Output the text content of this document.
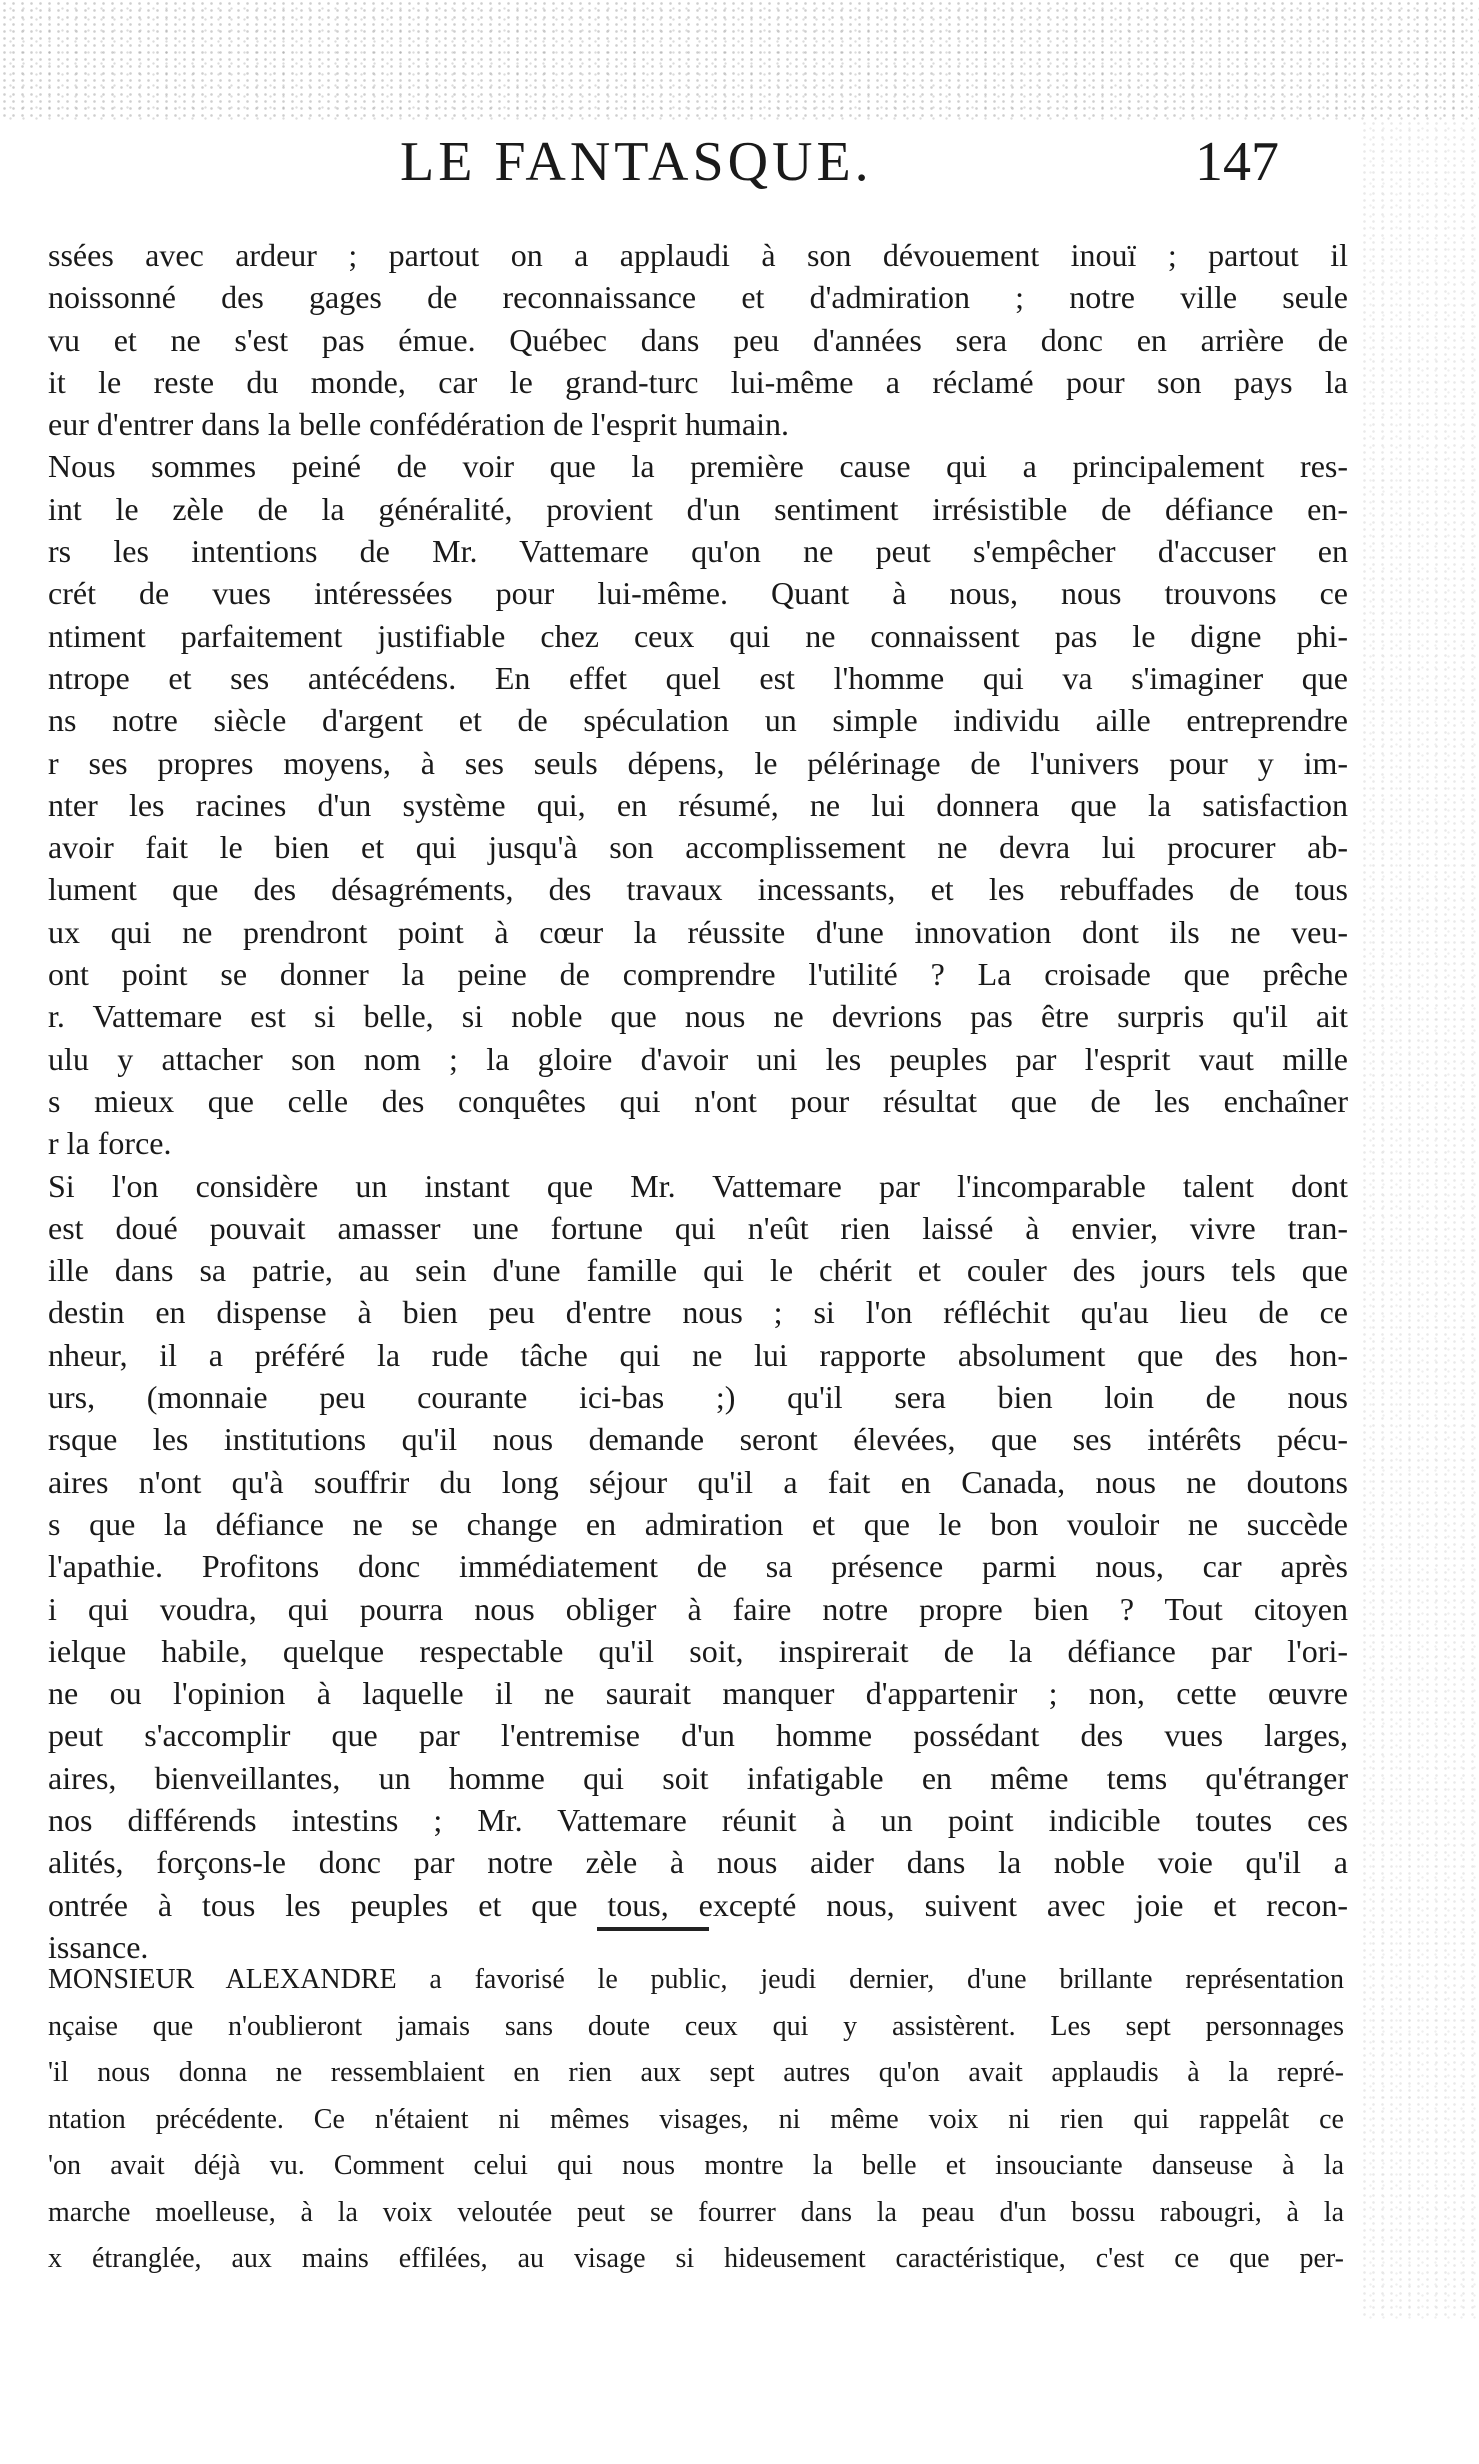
LE FANTASQUE.	147
ssées avec ardeur ; partout on a applaudi à son dévouement inouï ; partout il
noissonné des gages de reconnaissance et d'admiration ; notre ville seule
vu et ne s'est pas émue. Québec dans peu d'années sera donc en arrière de
it le reste du monde, car le grand-turc lui-même a réclamé pour son pays la
eur d'entrer dans la belle confédération de l'esprit humain.
Nous sommes peiné de voir que la première cause qui a principalement res-
int le zèle de la généralité, provient d'un sentiment irrésistible de défiance en-
rs les intentions de Mr. Vattemare qu'on ne peut s'empêcher d'accuser en
crét de vues intéressées pour lui-même. Quant à nous, nous trouvons ce
ntiment parfaitement justifiable chez ceux qui ne connaissent pas le digne phi-
ntrope et ses antécédens. En effet quel est l'homme qui va s'imaginer que
ns notre siècle d'argent et de spéculation un simple individu aille entreprendre
r ses propres moyens, à ses seuls dépens, le pélérinage de l'univers pour y im-
nter les racines d'un système qui, en résumé, ne lui donnera que la satisfaction
avoir fait le bien et qui jusqu'à son accomplissement ne devra lui procurer ab-
lument que des désagréments, des travaux incessants, et les rebuffades de tous
ux qui ne prendront point à cœur la réussite d'une innovation dont ils ne veu-
ont point se donner la peine de comprendre l'utilité ? La croisade que prêche
r. Vattemare est si belle, si noble que nous ne devrions pas être surpris qu'il ait
ulu y attacher son nom ; la gloire d'avoir uni les peuples par l'esprit vaut mille
s mieux que celle des conquêtes qui n'ont pour résultat que de les enchaîner
r la force.
Si l'on considère un instant que Mr. Vattemare par l'incomparable talent dont
est doué pouvait amasser une fortune qui n'eût rien laissé à envier, vivre tran-
ille dans sa patrie, au sein d'une famille qui le chérit et couler des jours tels que
destin en dispense à bien peu d'entre nous ; si l'on réfléchit qu'au lieu de ce
nheur, il a préféré la rude tâche qui ne lui rapporte absolument que des hon-
urs, (monnaie peu courante ici-bas ;) qu'il sera bien loin de nous
rsque les institutions qu'il nous demande seront élevées, que ses intérêts pécu-
aires n'ont qu'à souffrir du long séjour qu'il a fait en Canada, nous ne doutons
s que la défiance ne se change en admiration et que le bon vouloir ne succède
l'apathie. Profitons donc immédiatement de sa présence parmi nous, car après
i qui voudra, qui pourra nous obliger à faire notre propre bien ? Tout citoyen
ielque habile, quelque respectable qu'il soit, inspirerait de la défiance par l'ori-
ne ou l'opinion à laquelle il ne saurait manquer d'appartenir ; non, cette œuvre
peut s'accomplir que par l'entremise d'un homme possédant des vues larges,
aires, bienveillantes, un homme qui soit infatigable en même tems qu'étranger
nos différends intestins ; Mr. Vattemare réunit à un point indicible toutes ces
alités, forçons-le donc par notre zèle à nous aider dans la noble voie qu'il a
ontrée à tous les peuples et que tous, excepté nous, suivent avec joie et recon-
issance.
MONSIEUR ALEXANDRE a favorisé le public, jeudi dernier, d'une brillante représentation
nçaise que n'oublieront jamais sans doute ceux qui y assistèrent. Les sept personnages
'il nous donna ne ressemblaient en rien aux sept autres qu'on avait applaudis à la repré-
ntation précédente. Ce n'étaient ni mêmes visages, ni même voix ni rien qui rappelât ce
'on avait déjà vu. Comment celui qui nous montre la belle et insouciante danseuse à la
marche moelleuse, à la voix veloutée peut se fourrer dans la peau d'un bossu rabougri, à la
x étranglée, aux mains effilées, au visage si hideusement caractéristique, c'est ce que per-
